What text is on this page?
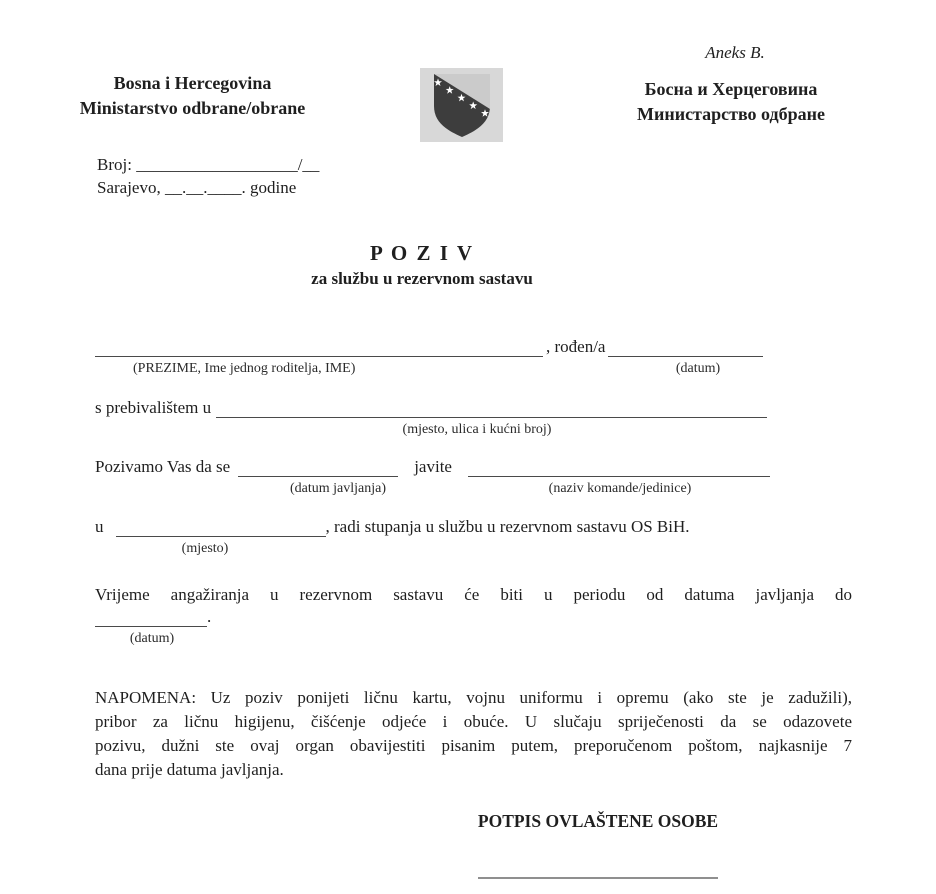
Aneks B.
Bosna i Hercegovina
Ministarstvo odbrane/obrane
Босна и Херцеговина
Министарство одбране
Broj: ___________________/__
Sarajevo, __.__.____. godine
P O Z I V
za službu u rezervnom sastavu
, rođen/a
(PREZIME, Ime jednog roditelja, IME)	(datum)
s prebivalištem u
(mjesto, ulica i kućni broj)
Pozivamo Vas da se	javite
(datum javljanja)	(naziv komande/jedinice)
u	, radi stupanja u službu u rezervnom sastavu OS BiH.
(mjesto)
Vrijeme angažiranja u rezervnom sastavu će biti u periodu od datuma javljanja do
.
(datum)
NAPOMENA: Uz poziv ponijeti ličnu kartu, vojnu uniformu i opremu (ako ste je zadužili),
pribor za ličnu higijenu, čišćenje odjeće i obuće. U slučaju spriječenosti da se odazovete
pozivu, dužni ste ovaj organ obavijestiti pisanim putem, preporučenom poštom, najkasnije 7
dana prije datuma javljanja.
POTPIS OVLAŠTENE OSOBE
